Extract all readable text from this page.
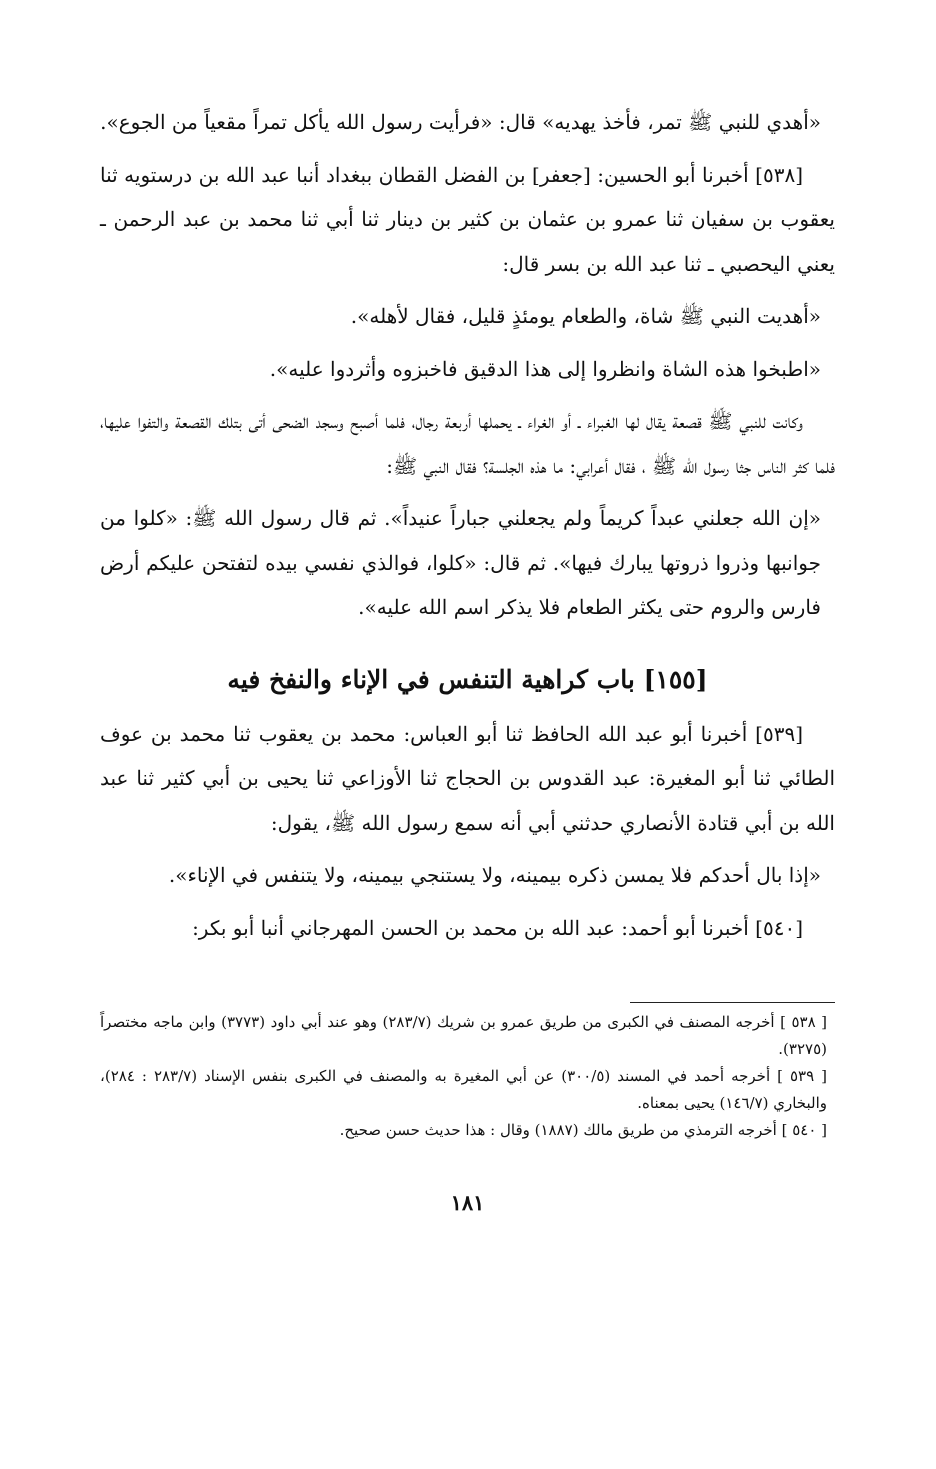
«أهدي للنبي ﷺ تمر، فأخذ يهديه» قال: «فرأيت رسول الله يأكل تمراً مقعياً من الجوع».

[٥٣٨] أخبرنا أبو الحسين: [جعفر] بن الفضل القطان ببغداد أنبا عبد الله بن درستويه ثنا يعقوب بن سفيان ثنا عمرو بن عثمان بن كثير بن دينار ثنا أبي ثنا محمد بن عبد الرحمن ـ يعني اليحصبي ـ ثنا عبد الله بن بسر قال:

«أهديت النبي ﷺ شاة، والطعام يومئذٍ قليل، فقال لأهله».

«اطبخوا هذه الشاة وانظروا إلى هذا الدقيق فاخبزوه وأثردوا عليه».

وكانت للنبي ﷺ قصعة يقال لها الغبراء ـ أو الغراء ـ يحملها أربعة رجال، فلما أصبح وسجد الضحى أتى بتلك القصعة والتفوا عليها، فلما كثر الناس جثا رسول الله ﷺ ، فقال أعرابي: ما هذه الجلسة؟ فقال النبي ﷺ:

«إن الله جعلني عبداً كريماً ولم يجعلني جباراً عنيداً». ثم قال رسول الله ﷺ: «كلوا من جوانبها وذروا ذروتها يبارك فيها». ثم قال: «كلوا، فوالذي نفسي بيده لتفتحن عليكم أرض فارس والروم حتى يكثر الطعام فلا يذكر اسم الله عليه».

[١٥٥] باب كراهية التنفس في الإناء والنفخ فيه

[٥٣٩] أخبرنا أبو عبد الله الحافظ ثنا أبو العباس: محمد بن يعقوب ثنا محمد بن عوف الطائي ثنا أبو المغيرة: عبد القدوس بن الحجاج ثنا الأوزاعي ثنا يحيى بن أبي كثير ثنا عبد الله بن أبي قتادة الأنصاري حدثني أبي أنه سمع رسول الله ﷺ، يقول:

«إذا بال أحدكم فلا يمسن ذكره بيمينه، ولا يستنجي بيمينه، ولا يتنفس في الإناء».

[٥٤٠] أخبرنا أبو أحمد: عبد الله بن محمد بن الحسن المهرجاني أنبا أبو بكر:

[ ٥٣٨ ] أخرجه المصنف في الكبرى من طريق عمرو بن شريك (٢٨٣/٧) وهو عند أبي داود (٣٧٧٣) وابن ماجه مختصراً (٣٢٧٥).

[ ٥٣٩ ] أخرجه أحمد في المسند (٣٠٠/٥) عن أبي المغيرة به والمصنف في الكبرى بنفس الإسناد (٢٨٣/٧ : ٢٨٤)، والبخاري (١٤٦/٧) يحيى بمعناه.

[ ٥٤٠ ] أخرجه الترمذي من طريق مالك (١٨٨٧) وقال : هذا حديث حسن صحيح.

١٨١
